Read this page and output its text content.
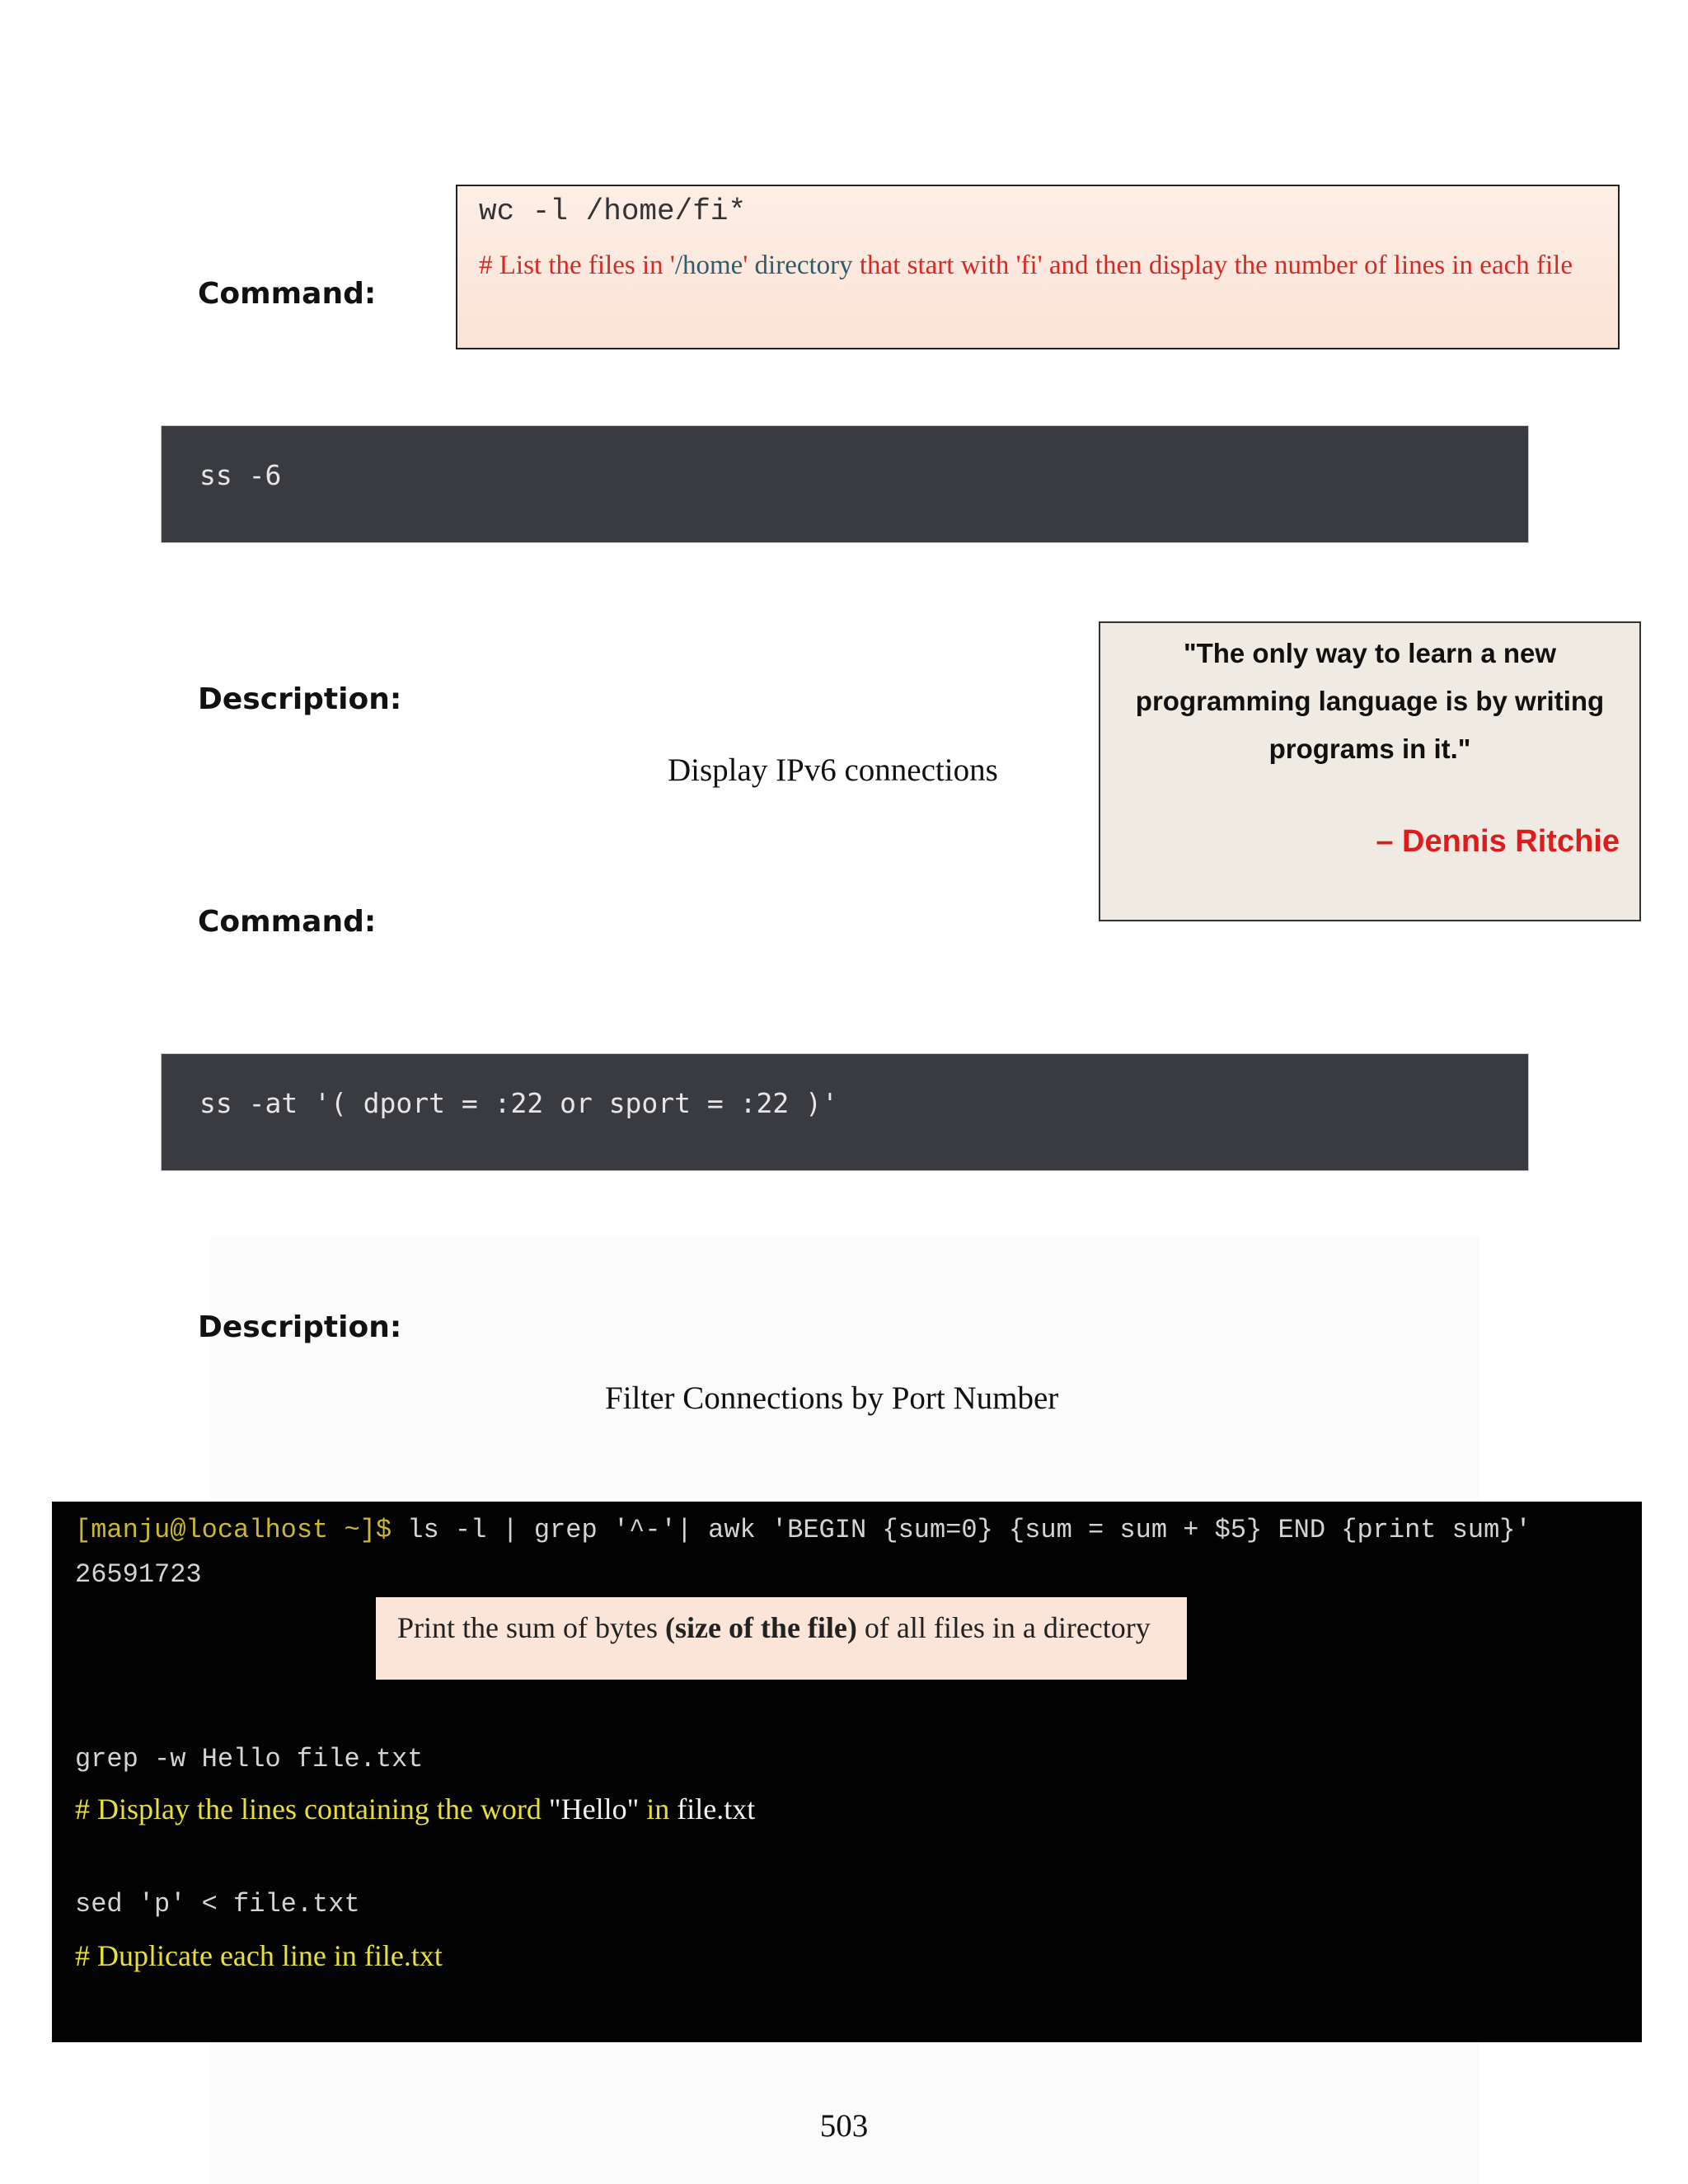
Command:
wc -l /home/fi*
# List the files in '/home' directory that start with 'fi' and then display the number of lines in each file
ss -6
Description:
Display IPv6 connections
"The only way to learn a new programming language is by writing programs in it."
– Dennis Ritchie
Command:
ss -at '( dport = :22 or sport = :22 )'
Description:
Filter Connections by Port Number
[manju@localhost ~]$ ls -l | grep '^-'| awk 'BEGIN {sum=0} {sum = sum + $5} END {print sum}'
26591723
Print the sum of bytes (size of the file) of all files in a directory
grep -w Hello file.txt
# Display the lines containing the word "Hello" in file.txt
sed 'p' < file.txt
# Duplicate each line in file.txt
503
